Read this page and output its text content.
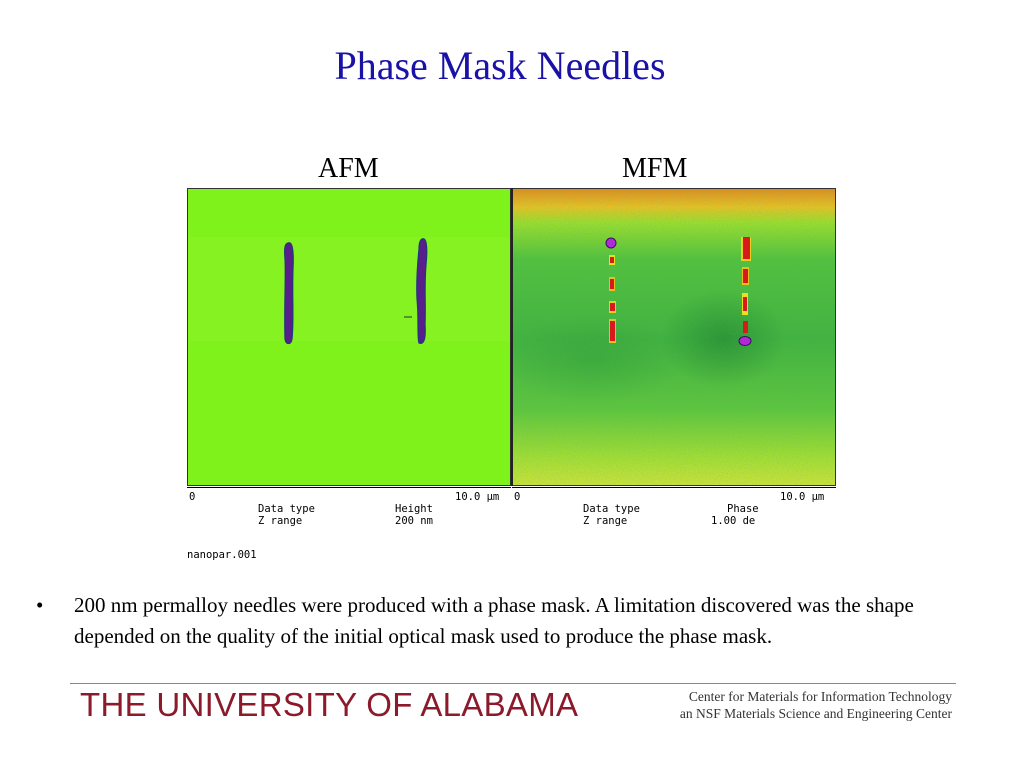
Phase Mask Needles
AFM	MFM
0	10.0 µm
Data type	Height
Z range	200 nm
0	10.0 µm
Data type	Phase
Z range	1.00 de
nanopar.001
• 200 nm permalloy needles were produced with a phase mask. A limitation discovered was the shape depended on the quality of the initial optical mask used to produce the phase mask.
THE UNIVERSITY OF ALABAMA	Center for Materials for Information Technology
an NSF Materials Science and Engineering Center
